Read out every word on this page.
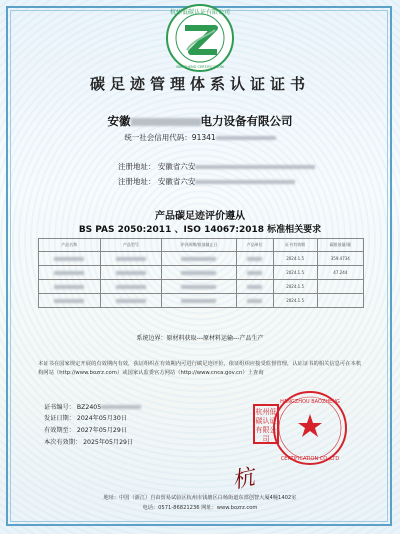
杭州低碳认证有限公司
BAOZHENG CERTIFICATION
碳足迹管理体系认证证书
安徽	电力设备有限公司
统一社会信用代码：91341
注册地址： 安徽省六安
注册地址： 安徽省六安
产品碳足迹评价遵从
BS PAS 2050:2011 、ISO 14067:2018 标准相关要求
产品名称	产品型号	评价周期/排放截止日	产品单位	证书有效期	碳排放量/量
				2024.1.5	359.4734
				2024.1.5	47.244
				2024.1.5	
				2024.1.5	
系统边界：原材料获取---原材料运输---产品生产
本证书在国家规定开展的有效期内有效，获证组织在有效期内可进行碳足迹评价，依证组织应接受监督管理，认证证书的相关信息可在本机构网站（http://www.bozrz.com）或国家认监委官方网站（http://www.cnca.gov.cn）上查询
证书编号： BZ2405
发证日期： 2024年05月30日
有效期至： 2027年05月29日
本次有效期： 2025年05月29日
HANGZHOU BAOZHENG
CERTIFICATION CO.,LTD
杭州低碳认证有限公司
杭
地址：中国（浙江）自由贸易试验区杭州市钱塘区白杨街道东部创智大厦4幢1402室
电话：0571-86821236 网址：www.bozrz.com
